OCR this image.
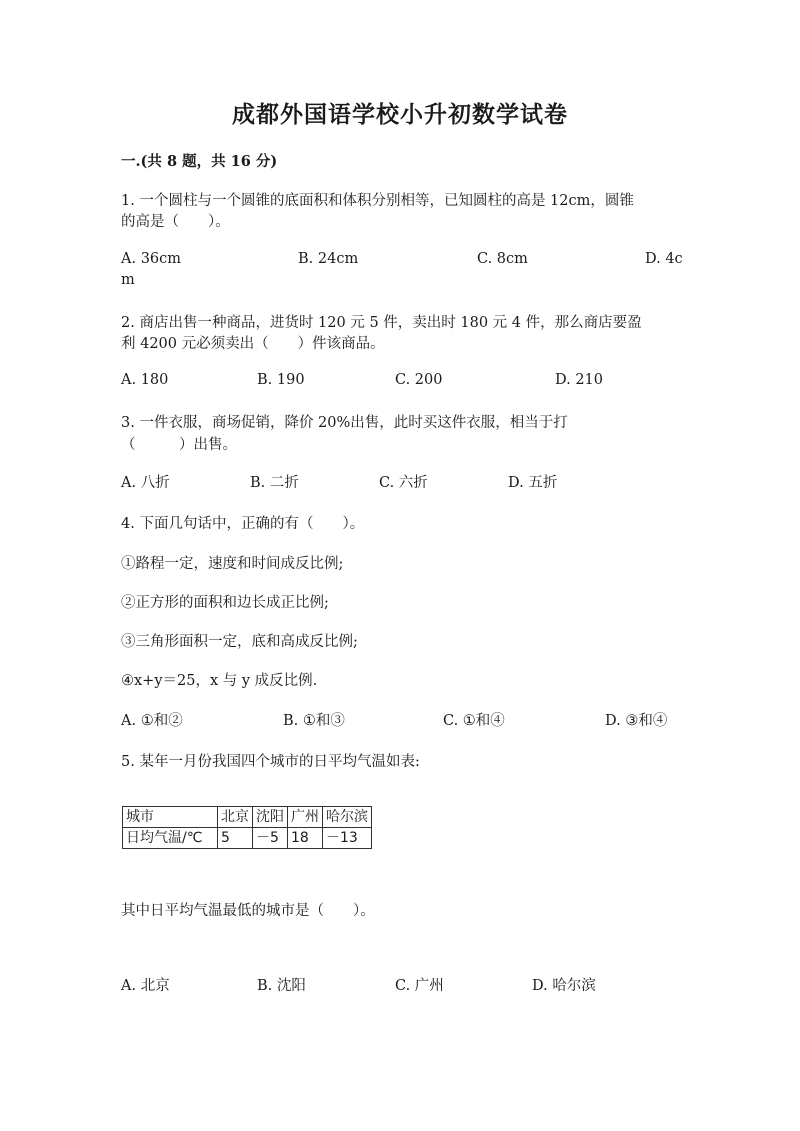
成都外国语学校小升初数学试卷
一.(共 8 题，共 16 分)
1. 一个圆柱与一个圆锥的底面积和体积分别相等，已知圆柱的高是 12cm，圆锥
的高是（　　）。
A. 36cm	B. 24cm	C. 8cm	D. 4c
m
2. 商店出售一种商品，进货时 120 元 5 件，卖出时 180 元 4 件，那么商店要盈
利 4200 元必须卖出（　　）件该商品。
A. 180	B. 190	C. 200	D. 210
3. 一件衣服，商场促销，降价 20%出售，此时买这件衣服，相当于打
（　　　）出售。
A. 八折	B. 二折	C. 六折	D. 五折
4. 下面几句话中，正确的有（　　）。
①路程一定，速度和时间成反比例;
②正方形的面积和边长成正比例;
③三角形面积一定，底和高成反比例;
④x+y＝25，x 与 y 成反比例.
A. ①和②	B. ①和③	C. ①和④	D. ③和④
5. 某年一月份我国四个城市的日平均气温如表:
城市	北京	沈阳	广州	哈尔滨
日均气温/℃	5	－5	18	－13
其中日平均气温最低的城市是（　　）。
A. 北京	B. 沈阳	C. 广州	D. 哈尔滨
